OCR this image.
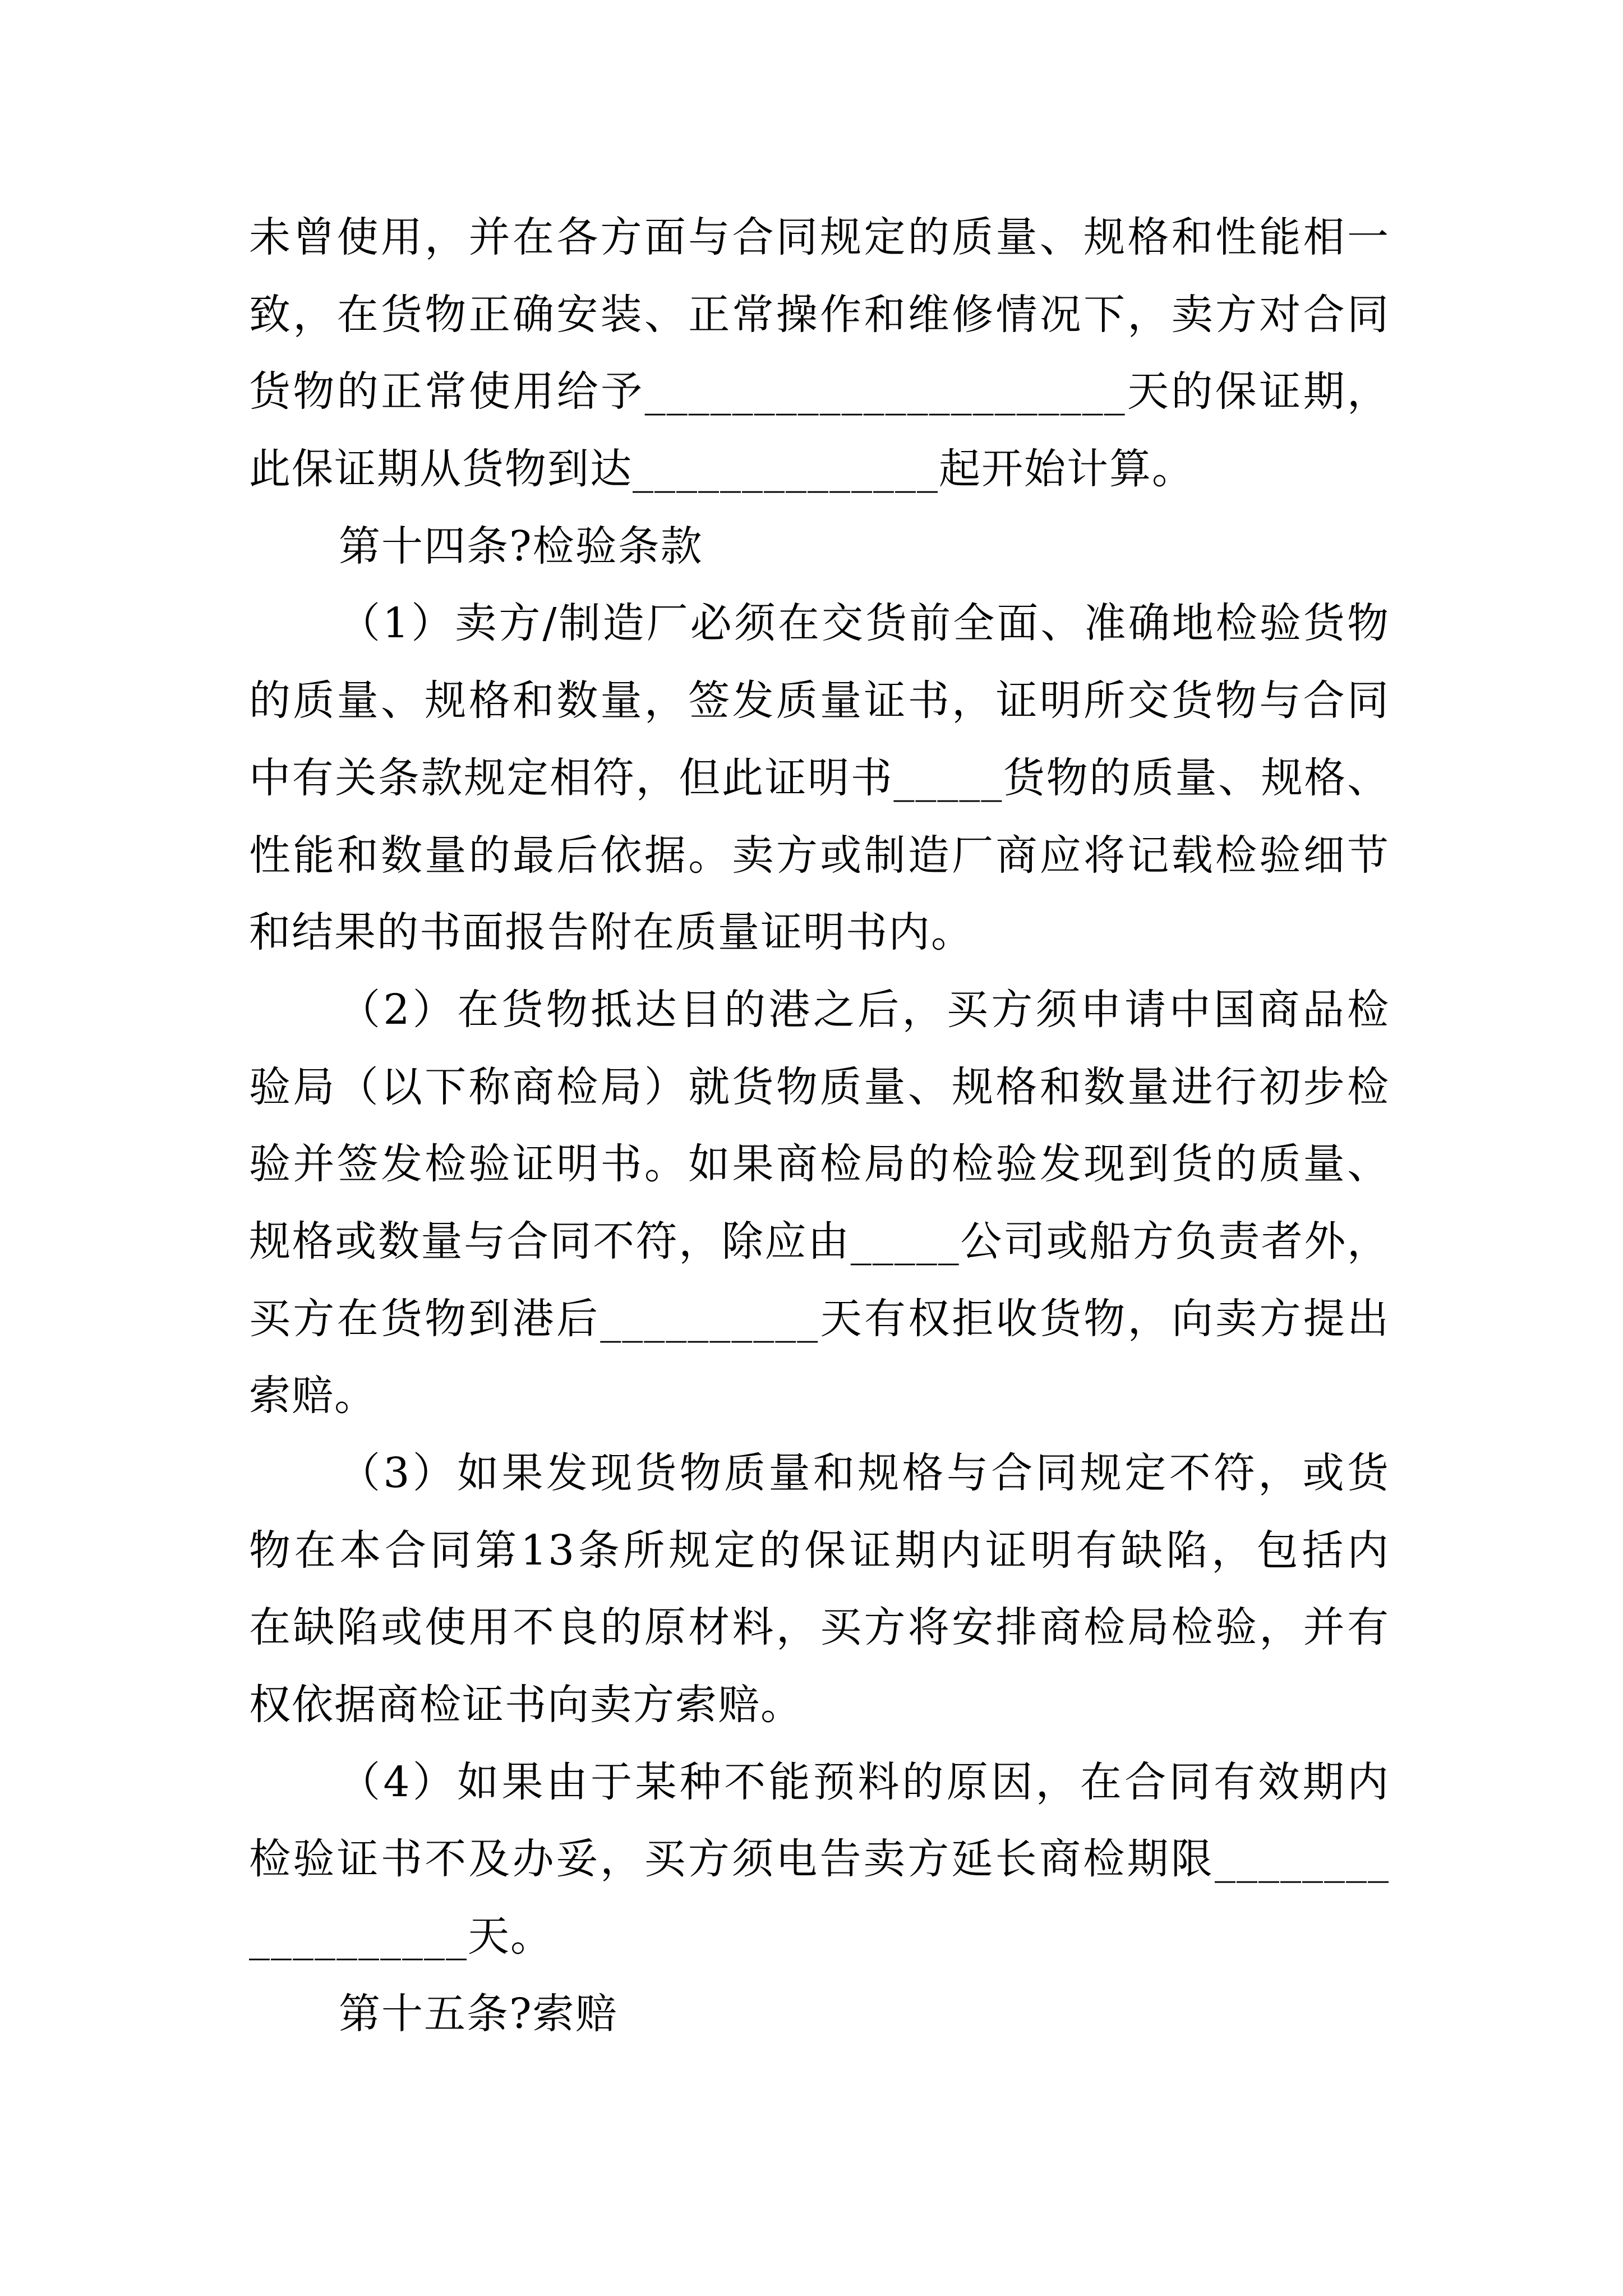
未曾使用，并在各方面与合同规定的质量、规格和性能相一
致，在货物正确安装、正常操作和维修情况下，卖方对合同
货物的正常使用给予______________________天的保证期，
此保证期从货物到达______________起开始计算。
第十四条?检验条款
（1）卖方/制造厂必须在交货前全面、准确地检验货物
的质量、规格和数量，签发质量证书，证明所交货物与合同
中有关条款规定相符，但此证明书_____货物的质量、规格、
性能和数量的最后依据。卖方或制造厂商应将记载检验细节
和结果的书面报告附在质量证明书内。
（2）在货物抵达目的港之后，买方须申请中国商品检
验局（以下称商检局）就货物质量、规格和数量进行初步检
验并签发检验证明书。如果商检局的检验发现到货的质量、
规格或数量与合同不符，除应由_____公司或船方负责者外，
买方在货物到港后__________天有权拒收货物，向卖方提出
索赔。
（3）如果发现货物质量和规格与合同规定不符，或货
物在本合同第13条所规定的保证期内证明有缺陷，包括内
在缺陷或使用不良的原材料，买方将安排商检局检验，并有
权依据商检证书向卖方索赔。
（4）如果由于某种不能预料的原因，在合同有效期内
检验证书不及办妥，买方须电告卖方延长商检期限________
__________天。
第十五条?索赔
